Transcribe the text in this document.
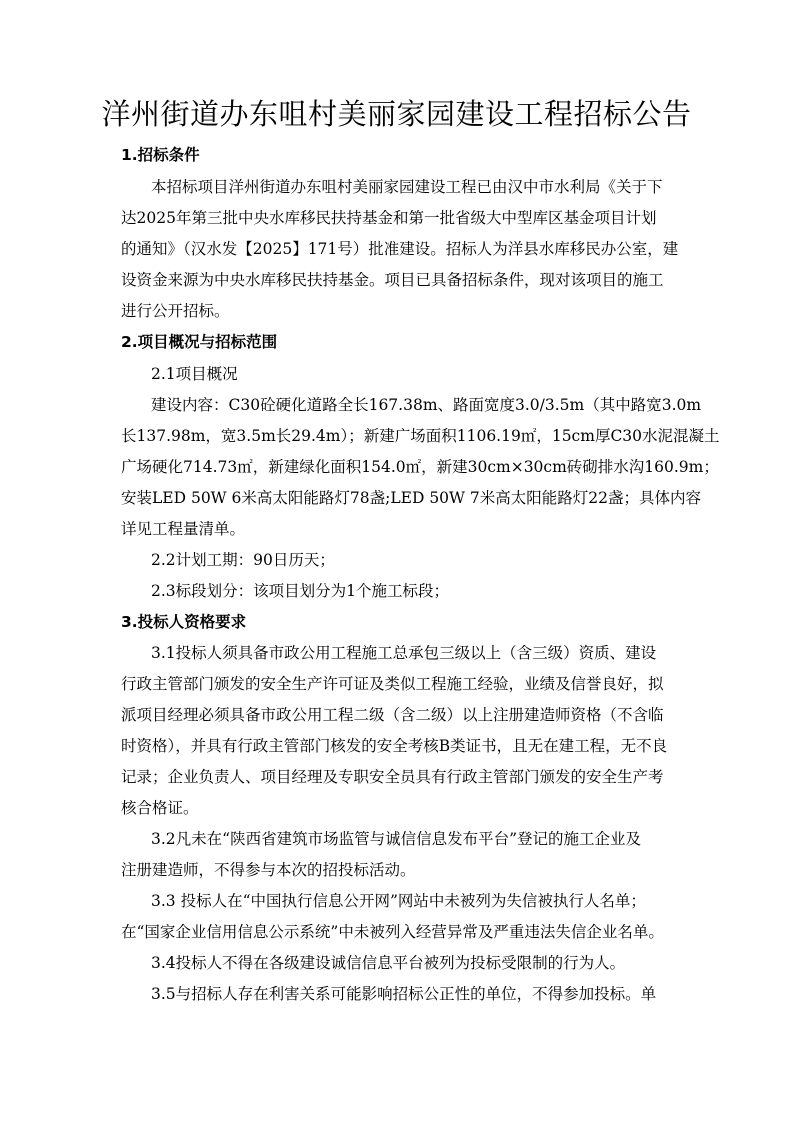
洋州街道办东咀村美丽家园建设工程招标公告
1.招标条件
本招标项目洋州街道办东咀村美丽家园建设工程已由汉中市水利局《关于下
达2025年第三批中央水库移民扶持基金和第一批省级大中型库区基金项目计划
的通知》（汉水发【2025】171号）批准建设。招标人为洋县水库移民办公室，建
设资金来源为中央水库移民扶持基金。项目已具备招标条件，现对该项目的施工
进行公开招标。
2.项目概况与招标范围
2.1项目概况
建设内容：C30砼硬化道路全长167.38m、路面宽度3.0/3.5m（其中路宽3.0m
长137.98m，宽3.5m长29.4m）；新建广场面积1106.19㎡，15cm厚C30水泥混凝土
广场硬化714.73㎡，新建绿化面积154.0㎡，新建30cm×30cm砖砌排水沟160.9m；
安装LED 50W 6米高太阳能路灯78盏;LED 50W 7米高太阳能路灯22盏；具体内容
详见工程量清单。
2.2计划工期：90日历天；
2.3标段划分：该项目划分为1个施工标段；
3.投标人资格要求
3.1投标人须具备市政公用工程施工总承包三级以上（含三级）资质、建设
行政主管部门颁发的安全生产许可证及类似工程施工经验，业绩及信誉良好，拟
派项目经理必须具备市政公用工程二级（含二级）以上注册建造师资格（不含临
时资格），并具有行政主管部门核发的安全考核B类证书，且无在建工程，无不良
记录；企业负责人、项目经理及专职安全员具有行政主管部门颁发的安全生产考
核合格证。
3.2凡未在“陕西省建筑市场监管与诚信信息发布平台”登记的施工企业及
注册建造师，不得参与本次的招投标活动。
3.3 投标人在“中国执行信息公开网”网站中未被列为失信被执行人名单；
在“国家企业信用信息公示系统”中未被列入经营异常及严重违法失信企业名单。
3.4投标人不得在各级建设诚信信息平台被列为投标受限制的行为人。
3.5与招标人存在利害关系可能影响招标公正性的单位，不得参加投标。单
